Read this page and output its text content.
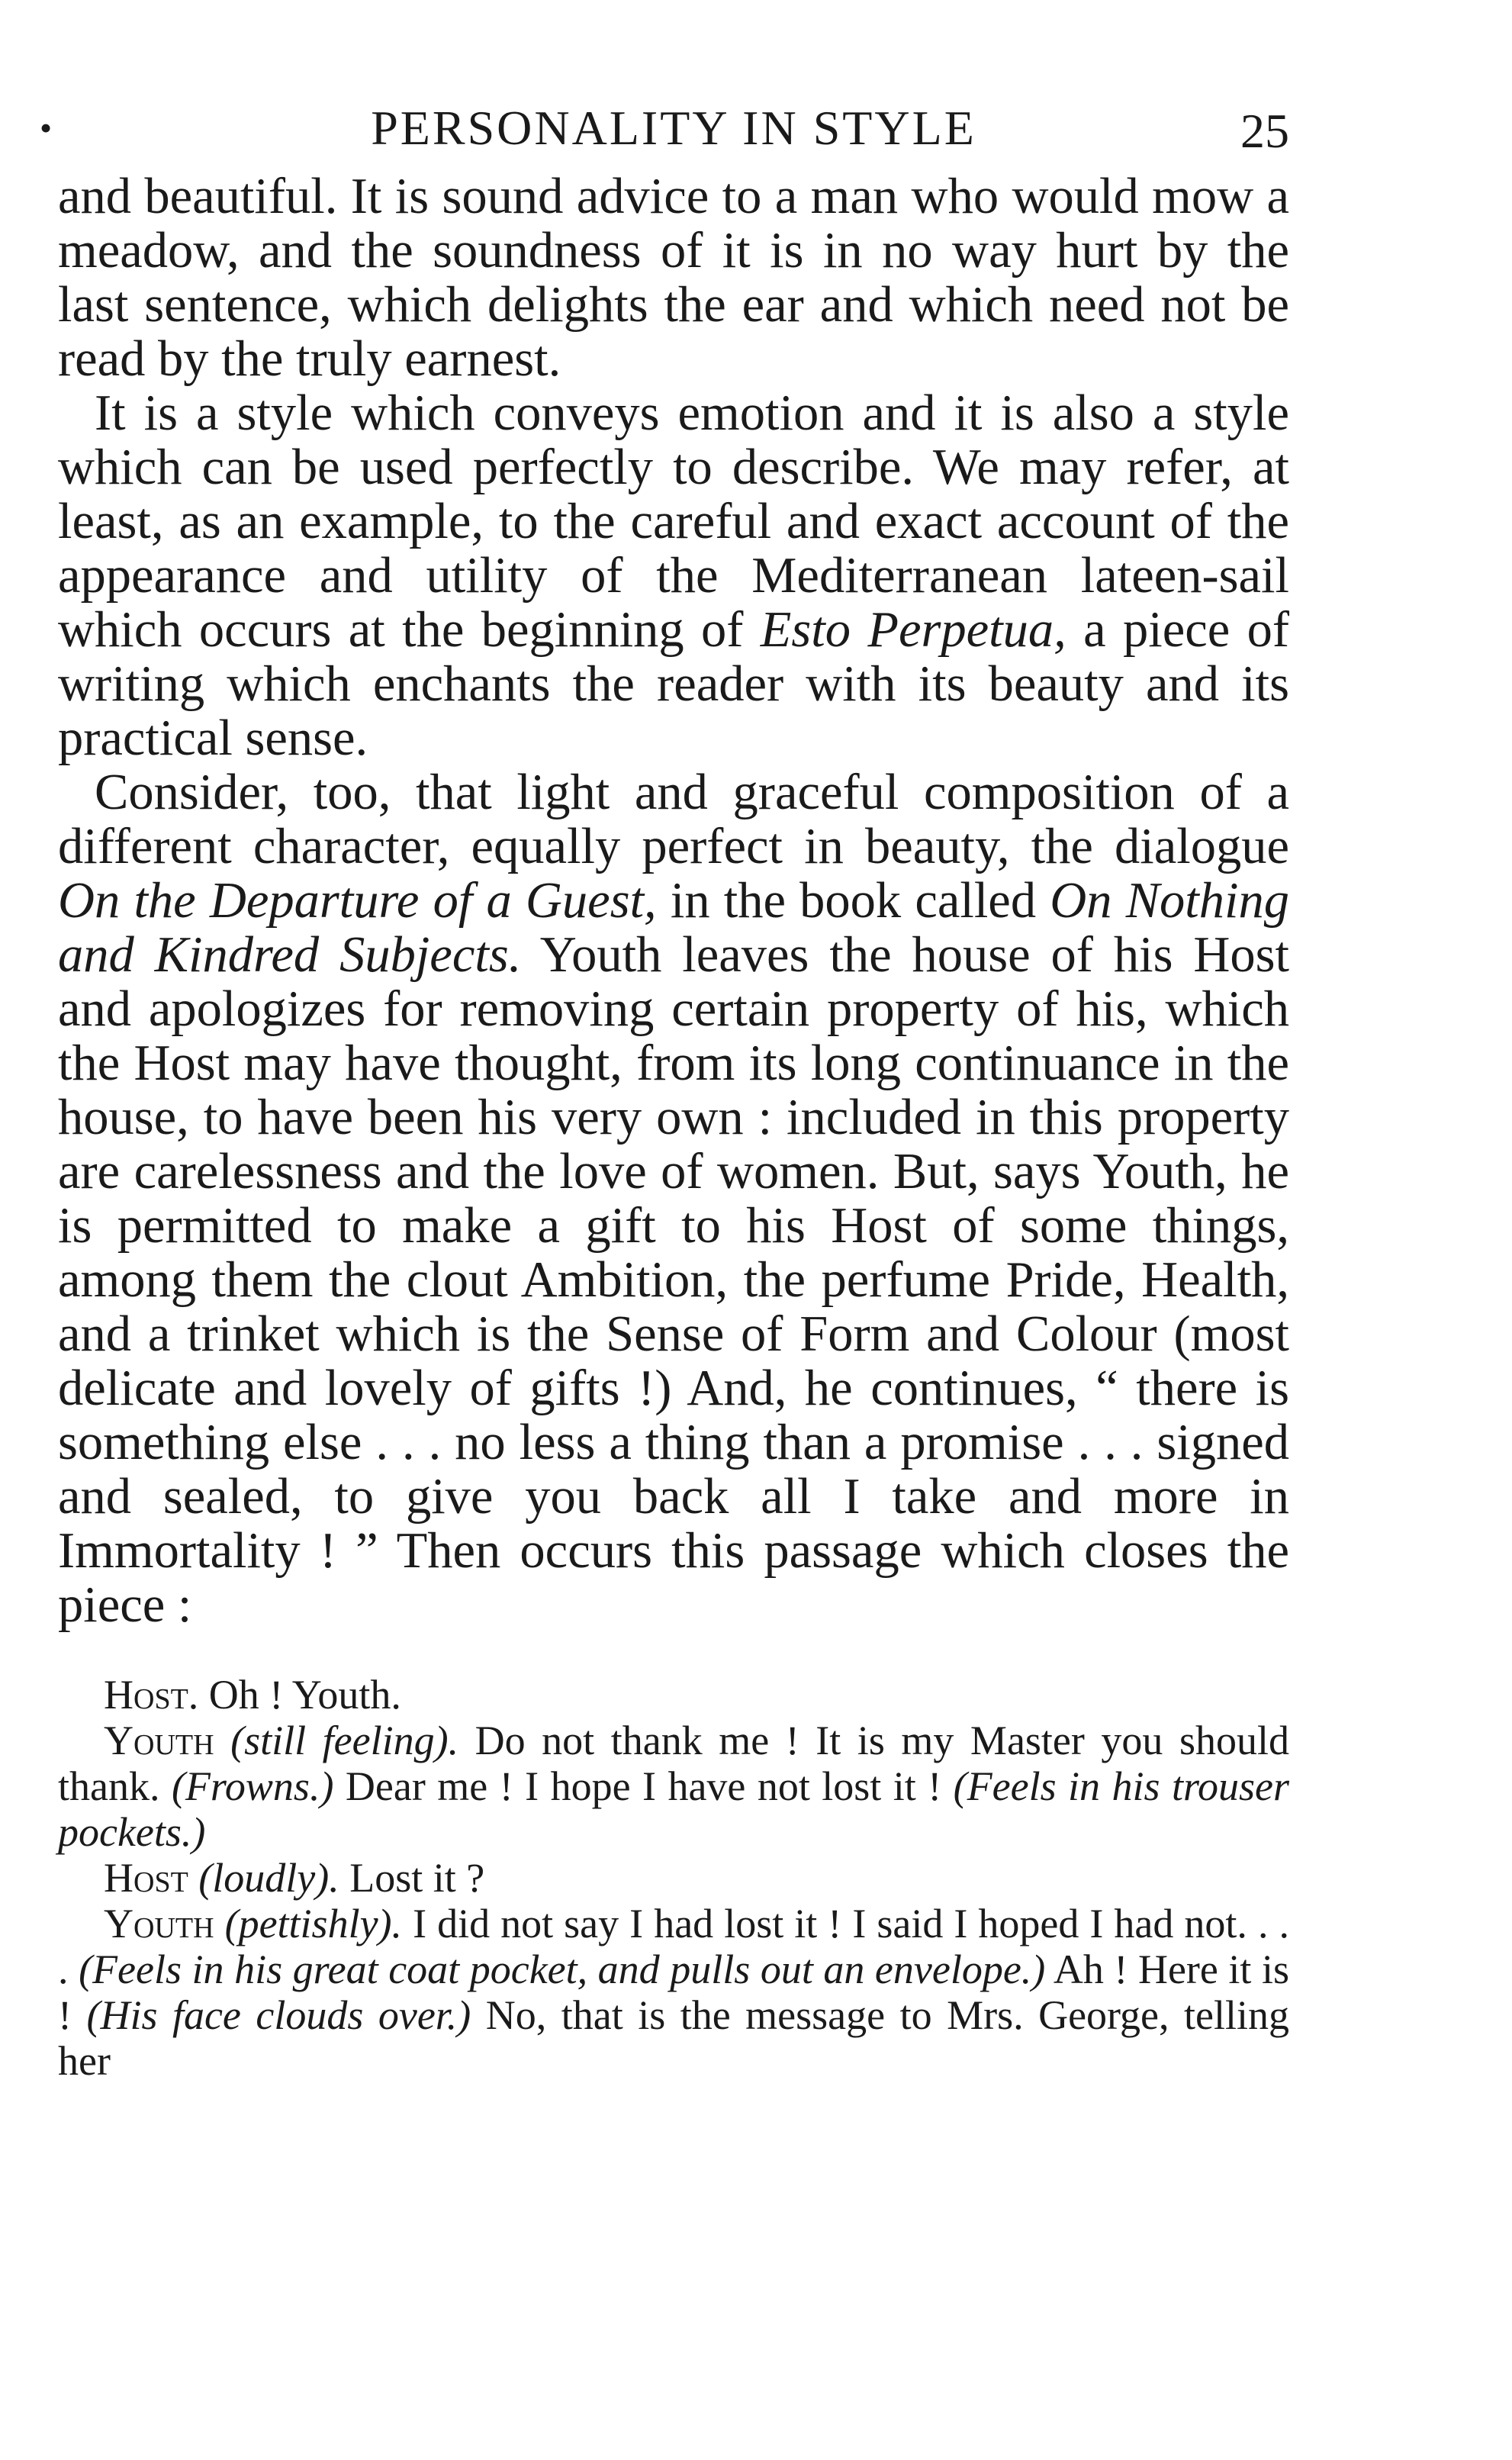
•	PERSONALITY IN STYLE	25

and beautiful. It is sound advice to a man who would mow a meadow, and the soundness of it is in no way hurt by the last sentence, which delights the ear and which need not be read by the truly earnest.

It is a style which conveys emotion and it is also a style which can be used perfectly to describe. We may refer, at least, as an example, to the careful and exact account of the appearance and utility of the Mediterranean lateen-sail which occurs at the beginning of Esto Perpetua, a piece of writing which enchants the reader with its beauty and its practical sense.

Consider, too, that light and graceful composition of a different character, equally perfect in beauty, the dialogue On the Departure of a Guest, in the book called On Nothing and Kindred Subjects. Youth leaves the house of his Host and apologizes for removing certain property of his, which the Host may have thought, from its long continuance in the house, to have been his very own : included in this property are carelessness and the love of women. But, says Youth, he is permitted to make a gift to his Host of some things, among them the clout Ambition, the perfume Pride, Health, and a trinket which is the Sense of Form and Colour (most delicate and lovely of gifts !) And, he continues, “ there is something else . . . no less a thing than a promise . . . signed and sealed, to give you back all I take and more in Immortality ! ” Then occurs this passage which closes the piece :

Host. Oh ! Youth.

Youth (still feeling). Do not thank me ! It is my Master you should thank. (Frowns.) Dear me ! I hope I have not lost it ! (Feels in his trouser pockets.)

Host (loudly). Lost it ?

Youth (pettishly). I did not say I had lost it ! I said I hoped I had not. . . . (Feels in his great coat pocket, and pulls out an envelope.) Ah ! Here it is ! (His face clouds over.) No, that is the message to Mrs. George, telling her
